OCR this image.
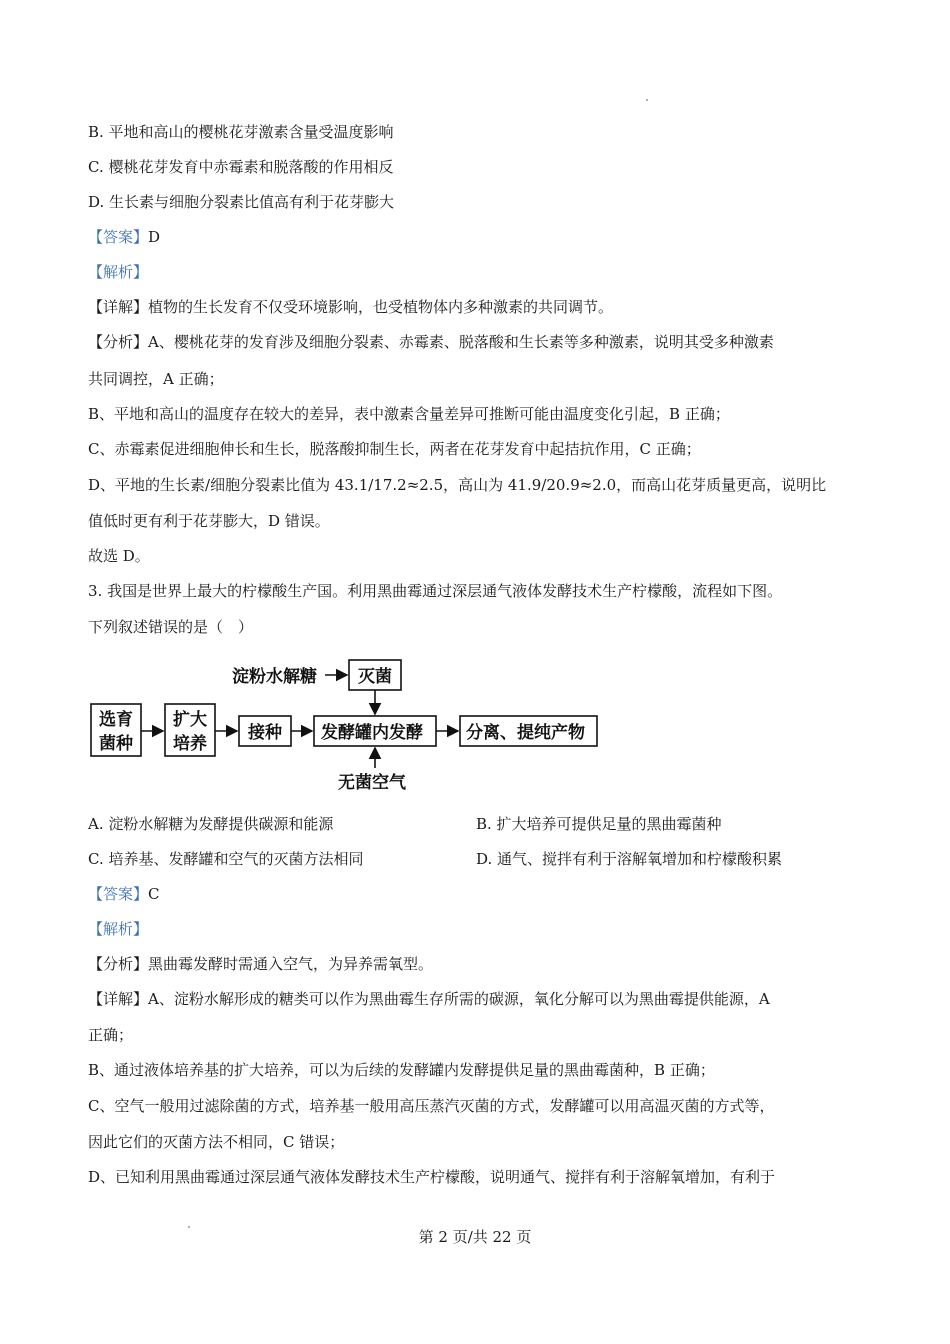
B. 平地和高山的樱桃花芽激素含量受温度影响
C. 樱桃花芽发育中赤霉素和脱落酸的作用相反
D. 生长素与细胞分裂素比值高有利于花芽膨大
【答案】D
【解析】
【详解】植物的生长发育不仅受环境影响，也受植物体内多种激素的共同调节。
【分析】A、樱桃花芽的发育涉及细胞分裂素、赤霉素、脱落酸和生长素等多种激素，说明其受多种激素
共同调控，A 正确；
B、平地和高山的温度存在较大的差异，表中激素含量差异可推断可能由温度变化引起，B 正确；
C、赤霉素促进细胞伸长和生长，脱落酸抑制生长，两者在花芽发育中起拮抗作用，C 正确；
D、平地的生长素/细胞分裂素比值为 43.1/17.2≈2.5，高山为 41.9/20.9≈2.0，而高山花芽质量更高，说明比
值低时更有利于花芽膨大，D 错误。
故选 D。
3. 我国是世界上最大的柠檬酸生产国。利用黑曲霉通过深层通气液体发酵技术生产柠檬酸，流程如下图。
下列叙述错误的是（　）
淀粉水解糖 灭菌
选育
菌种
扩大
培养
接种 发酵罐内发酵	分离、提纯产物
无菌空气
A. 淀粉水解糖为发酵提供碳源和能源	B. 扩大培养可提供足量的黑曲霉菌种
C. 培养基、发酵罐和空气的灭菌方法相同	D. 通气、搅拌有利于溶解氧增加和柠檬酸积累
【答案】C
【解析】
【分析】黑曲霉发酵时需通入空气，为异养需氧型。
【详解】A、淀粉水解形成的糖类可以作为黑曲霉生存所需的碳源，氧化分解可以为黑曲霉提供能源，A
正确；
B、通过液体培养基的扩大培养，可以为后续的发酵罐内发酵提供足量的黑曲霉菌种，B 正确；
C、空气一般用过滤除菌的方式，培养基一般用高压蒸汽灭菌的方式，发酵罐可以用高温灭菌的方式等，
因此它们的灭菌方法不相同，C 错误；
D、已知利用黑曲霉通过深层通气液体发酵技术生产柠檬酸，说明通气、搅拌有利于溶解氧增加，有利于
第 2 页/共 22 页
